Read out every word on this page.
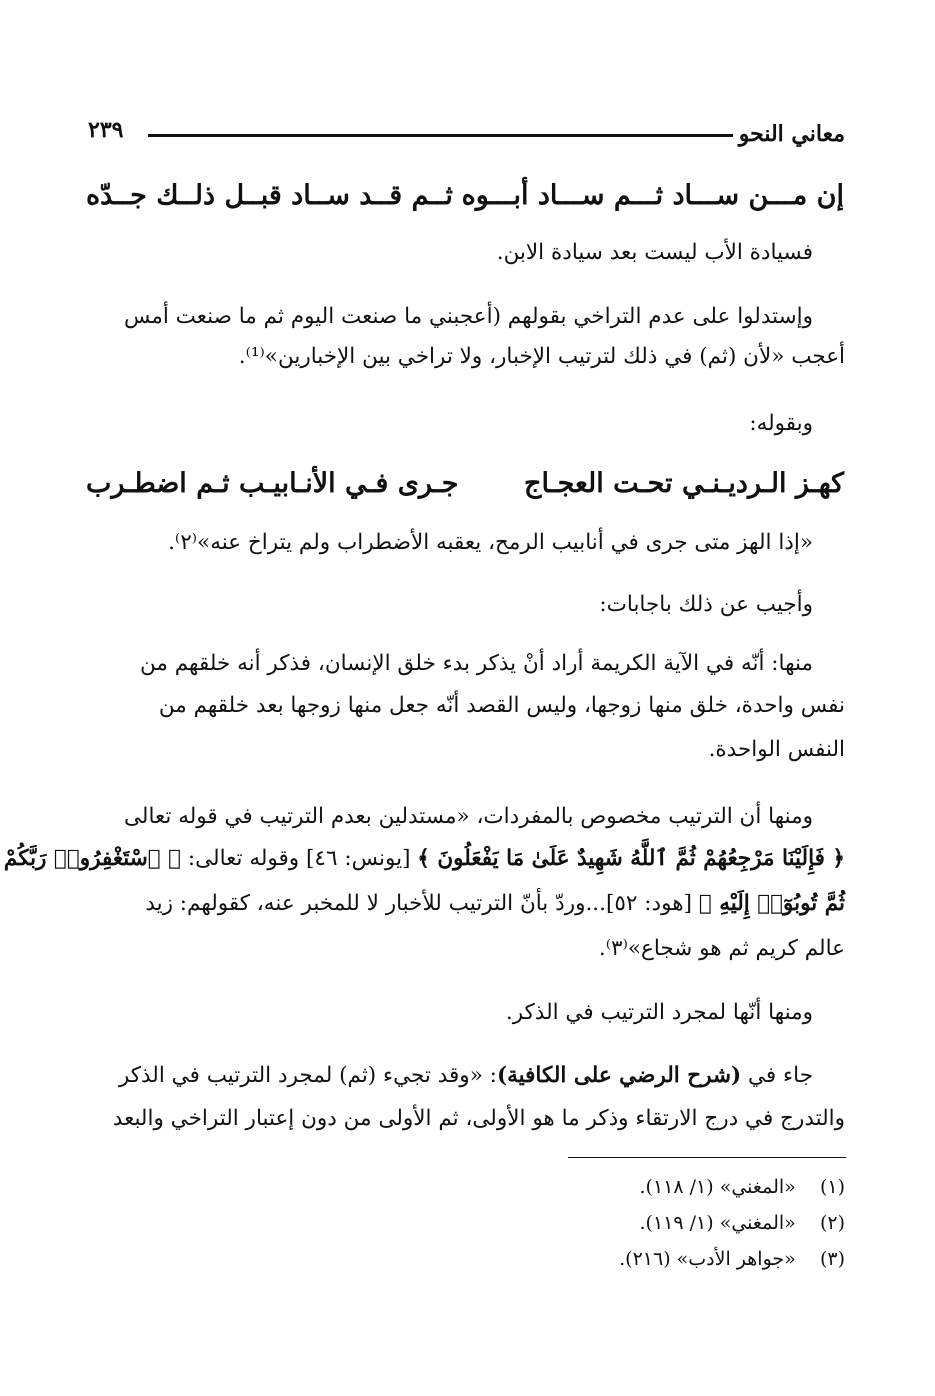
معاني النحو
٢٣٩
إن مـــن ســـاد ثـــم ســـاد أبـــوه
ثــم قــد ســاد قبــل ذلــك جــدّه
فسيادة الأب ليست بعد سيادة الابن.
وإستدلوا على عدم التراخي بقولهم (أعجبني ما صنعت اليوم ثم ما صنعت أمس
أعجب «لأن (ثم) في ذلك لترتيب الإخبار، ولا تراخي بين الإخبارين»⁽¹⁾.
وبقوله:
كهـز الـرديـنـي تحـت العجـاج
جـرى فـي الأنـابيـب ثـم اضطـرب
«إذا الهز متى جرى في أنابيب الرمح، يعقبه الأضطراب ولم يتراخ عنه»⁽٢⁾.
وأجيب عن ذلك باجابات:
منها: أنّه في الآية الكريمة أراد أنْ يذكر بدء خلق الإنسان، فذكر أنه خلقهم من
نفس واحدة، خلق منها زوجها، وليس القصد أنّه جعل منها زوجها بعد خلقهم من
النفس الواحدة.
ومنها أن الترتيب مخصوص بالمفردات، «مستدلين بعدم الترتيب في قوله تعالى
﴿ فَإِلَيْنَا مَرْجِعُهُمْ ثُمَّ ٱللَّهُ شَهِيدٌ عَلَىٰ مَا يَفْعَلُونَ ﴾ [يونس: ٤٦] وقوله تعالى: ﴿ ٱسْتَغْفِرُوا۟ رَبَّكُمْ
ثُمَّ تُوبُوٓا۟ إِلَيْهِ ﴾ [هود: ٥٢]...وردّ بأنّ الترتيب للأخبار لا للمخبر عنه، كقولهم: زيد
عالم كريم ثم هو شجاع»⁽٣⁾.
ومنها أنّها لمجرد الترتيب في الذكر.
جاء في (شرح الرضي على الكافية): «وقد تجيء (ثم) لمجرد الترتيب في الذكر
والتدرج في درج الارتقاء وذكر ما هو الأولى، ثم الأولى من دون إعتبار التراخي والبعد
(١)    «المغني» (١/ ١١٨).
(٢)    «المغني» (١/ ١١٩).
(٣)    «جواهر الأدب» (٢١٦).
